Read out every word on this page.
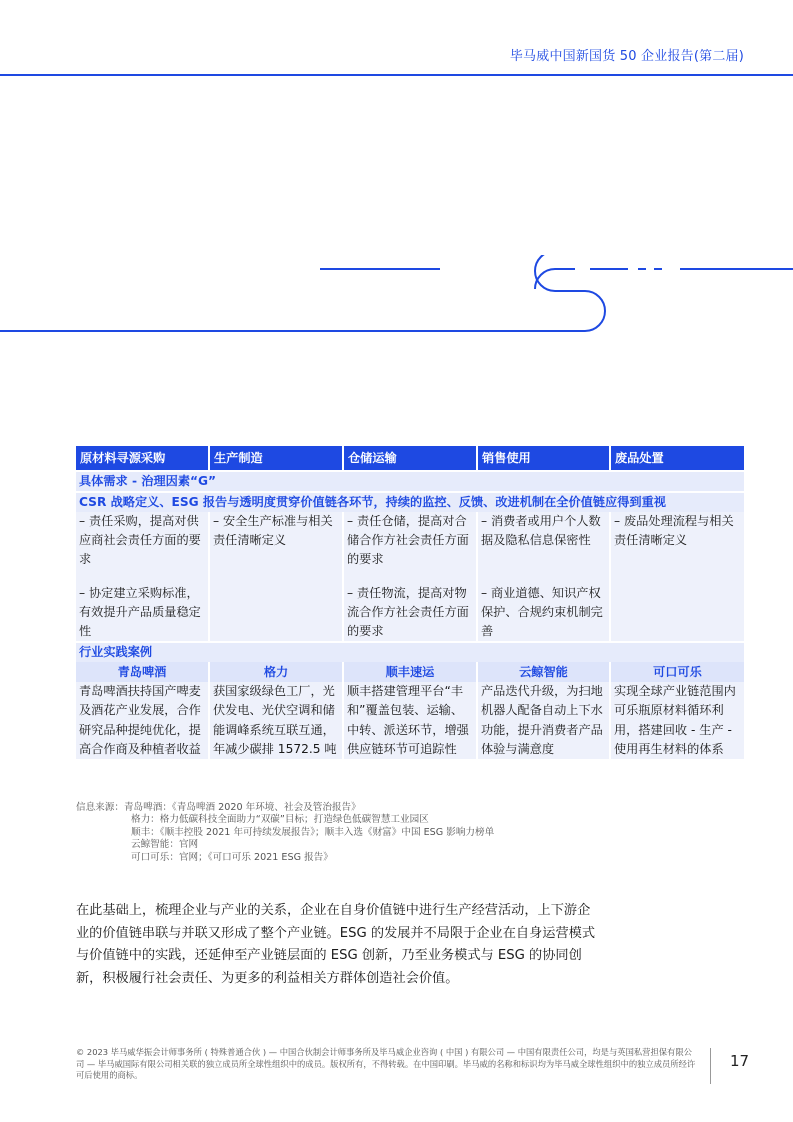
毕马威中国新国货 50 企业报告(第二届)
原材料寻源采购	生产制造	仓储运输	销售使用	废品处置
具体需求 - 治理因素“G”				
CSR 战略定义、ESG 报告与透明度贯穿价值链各环节，持续的监控、反馈、改进机制在全价值链应得到重视				
– 责任采购，提高对供应商社会责任方面的要求	– 安全生产标准与相关责任清晰定义	– 责任仓储，提高对合储合作方社会责任方面的要求	– 消费者或用户个人数据及隐私信息保密性	– 废品处理流程与相关责任清晰定义

– 协定建立采购标准，有效提升产品质量稳定性		– 责任物流，提高对物流合作方社会责任方面的要求	– 商业道德、知识产权保护、合规约束机制完善	
行业实践案例				
青岛啤酒	格力	顺丰速运	云鲸智能	可口可乐
青岛啤酒扶持国产啤麦及酒花产业发展，合作研究品种提纯优化，提高合作商及种植者收益	获国家级绿色工厂，光伏发电、光伏空调和储能调峰系统互联互通，年减少碳排 1572.5 吨	顺丰搭建管理平台“丰和”覆盖包装、运输、中转、派送环节，增强供应链环节可追踪性	产品迭代升级，为扫地机器人配备自动上下水功能，提升消费者产品体验与满意度	实现全球产业链范围内可乐瓶原材料循环利用，搭建回收 - 生产 - 使用再生材料的体系
信息来源：青岛啤酒：《青岛啤酒 2020 年环境、社会及管治报告》
格力：格力低碳科技全面助力“双碳”目标；打造绿色低碳智慧工业园区
顺丰：《顺丰控股 2021 年可持续发展报告》；顺丰入选《财富》中国 ESG 影响力榜单
云鲸智能：官网
可口可乐：官网；《可口可乐 2021 ESG 报告》
在此基础上，梳理企业与产业的关系，企业在自身价值链中进行生产经营活动，上下游企业的价值链串联与并联又形成了整个产业链。ESG 的发展并不局限于企业在自身运营模式与价值链中的实践，还延伸至产业链层面的 ESG 创新，乃至业务模式与 ESG 的协同创新，积极履行社会责任、为更多的利益相关方群体创造社会价值。
© 2023 毕马威华振会计师事务所 ( 特殊普通合伙 ) — 中国合伙制会计师事务所及毕马威企业咨询 ( 中国 ) 有限公司 — 中国有限责任公司，均是与英国私营担保有限公司 — 毕马威国际有限公司相关联的独立成员所全球性组织中的成员。版权所有，不得转载。在中国印刷。毕马威的名称和标识均为毕马威全球性组织中的独立成员所经许可后使用的商标。
17
